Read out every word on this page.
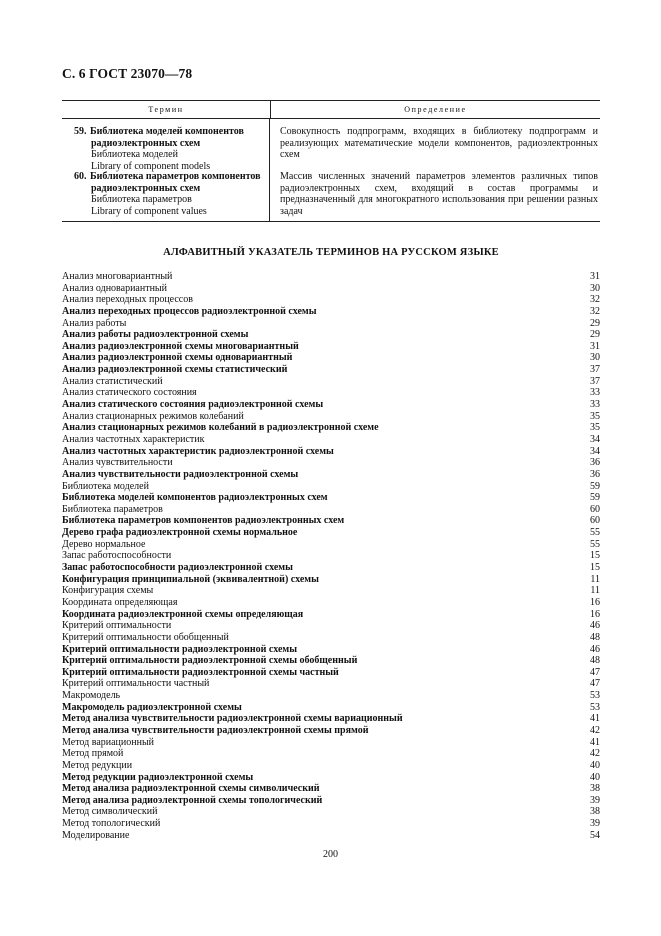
С. 6 ГОСТ 23070—78
Термин	Определение
59. Библиотека моделей компонентов
радиоэлектронных схем
Библиотека моделей
Library of component models
Совокупность подпрограмм, входящих в библиотеку подпрограмм и реализующих математические модели компонентов, радиоэлектронных схем
60. Библиотека параметров компонентов
радиоэлектронных схем
Библиотека параметров
Library of component values
Массив численных значений параметров элементов различных типов радиоэлектронных схем, входящий в состав программы и предназначенный для многократного использования при решении разных задач
АЛФАВИТНЫЙ УКАЗАТЕЛЬ ТЕРМИНОВ НА РУССКОМ ЯЗЫКЕ
Анализ многовариантный	31
Анализ одновариантный	30
Анализ переходных процессов	32
Анализ переходных процессов радиоэлектронной схемы	32
Анализ работы	29
Анализ работы радиоэлектронной схемы	29
Анализ радиоэлектронной схемы многовариантный	31
Анализ радиоэлектронной схемы одновариантный	30
Анализ радиоэлектронной схемы статистический	37
Анализ статистический	37
Анализ статического состояния	33
Анализ статического состояния радиоэлектронной схемы	33
Анализ стационарных режимов колебаний	35
Анализ стационарных режимов колебаний в радиоэлектронной схеме	35
Анализ частотных характеристик	34
Анализ частотных характеристик радиоэлектронной схемы	34
Анализ чувствительности	36
Анализ чувствительности радиоэлектронной схемы	36
Библиотека моделей	59
Библиотека моделей компонентов радиоэлектронных схем	59
Библиотека параметров	60
Библиотека параметров компонентов радиоэлектронных схем	60
Дерево графа радиоэлектронной схемы нормальное	55
Дерево нормальное	55
Запас работоспособности	15
Запас работоспособности радиоэлектронной схемы	15
Конфигурация принципиальной (эквивалентной) схемы	11
Конфигурация схемы	11
Координата определяющая	16
Координата радиоэлектронной схемы определяющая	16
Критерий оптимальности	46
Критерий оптимальности обобщенный	48
Критерий оптимальности радиоэлектронной схемы	46
Критерий оптимальности радиоэлектронной схемы обобщенный	48
Критерий оптимальности радиоэлектронной схемы частный	47
Критерий оптимальности частный	47
Макромодель	53
Макромодель радиоэлектронной схемы	53
Метод анализа чувствительности радиоэлектронной схемы вариационный	41
Метод анализа чувствительности радиоэлектронной схемы прямой	42
Метод вариационный	41
Метод прямой	42
Метод редукции	40
Метод редукции радиоэлектронной схемы	40
Метод анализа радиоэлектронной схемы символический	38
Метод анализа радиоэлектронной схемы топологический	39
Метод символический	38
Метод топологический	39
Моделирование	54
200
